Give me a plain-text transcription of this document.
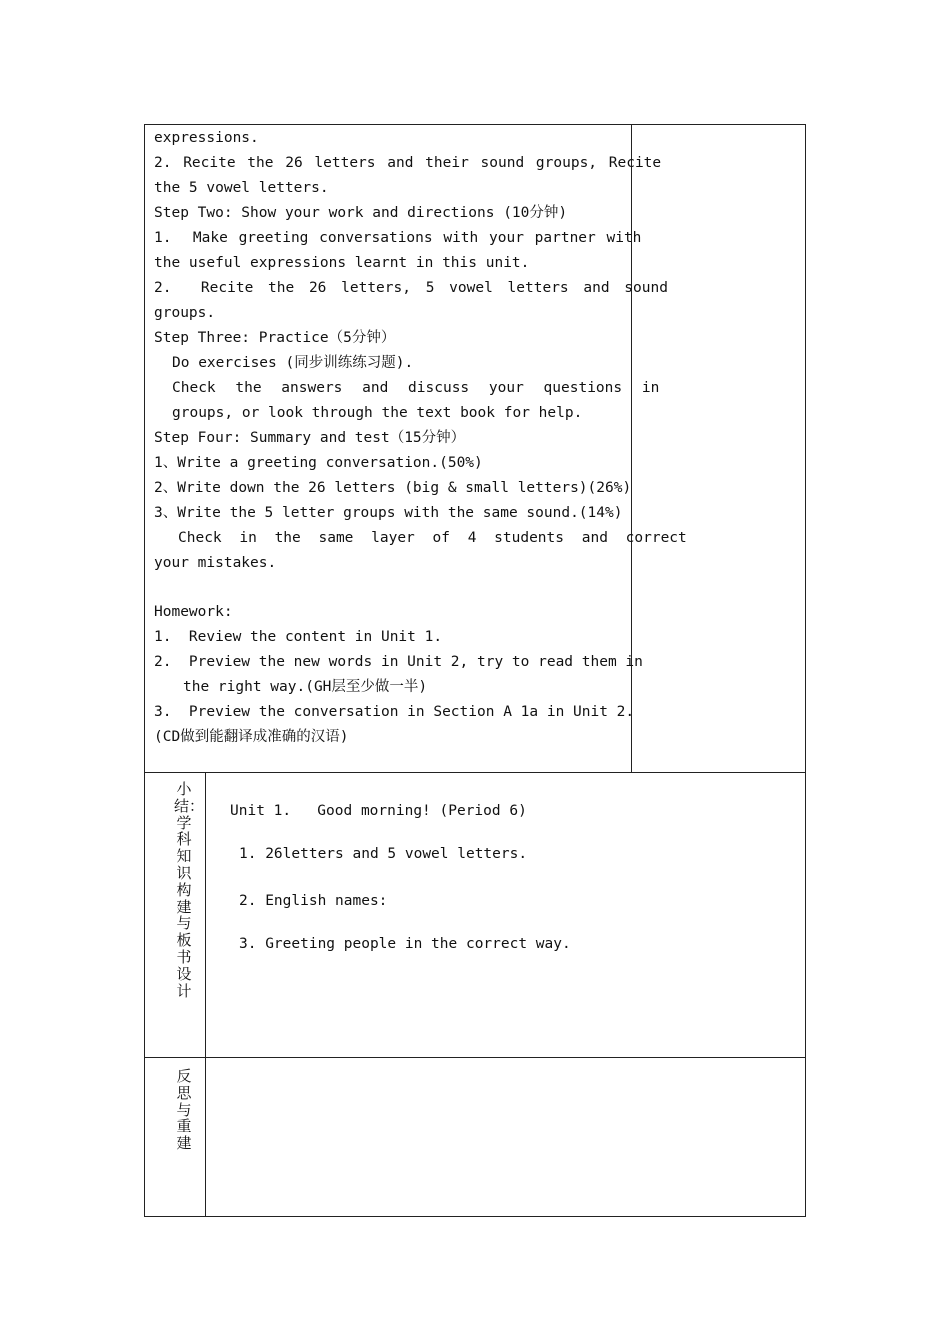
expressions.
2. Recite the 26 letters and their sound groups, Recite
the 5 vowel letters.
Step Two: Show your work and directions (10分钟)
1.  Make greeting conversations with your partner with
the useful expressions learnt in this unit.
2.  Recite the 26 letters, 5 vowel letters and sound
groups.
Step Three: Practice（5分钟）
Do exercises (同步训练练习题).
Check the answers and discuss your questions in
groups, or look through the text book for help.
Step Four: Summary and test（15分钟）
1、Write a greeting conversation.(50%)
2、Write down the 26 letters (big & small letters)(26%)
3、Write the 5 letter groups with the same sound.(14%)
Check in the same layer of 4 students and correct
your mistakes.
Homework:
1.  Review the content in Unit 1.
2.  Preview the new words in Unit 2, try to read them in
the right way.(GH层至少做一半)
3.  Preview the conversation in Section A 1a in Unit 2.
(CD做到能翻译成准确的汉语)
小结：学科知识构建与板书设计
Unit 1.   Good morning! (Period 6)
1. 26letters and 5 vowel letters.
2. English names:
3. Greeting people in the correct way.
反思与重建
